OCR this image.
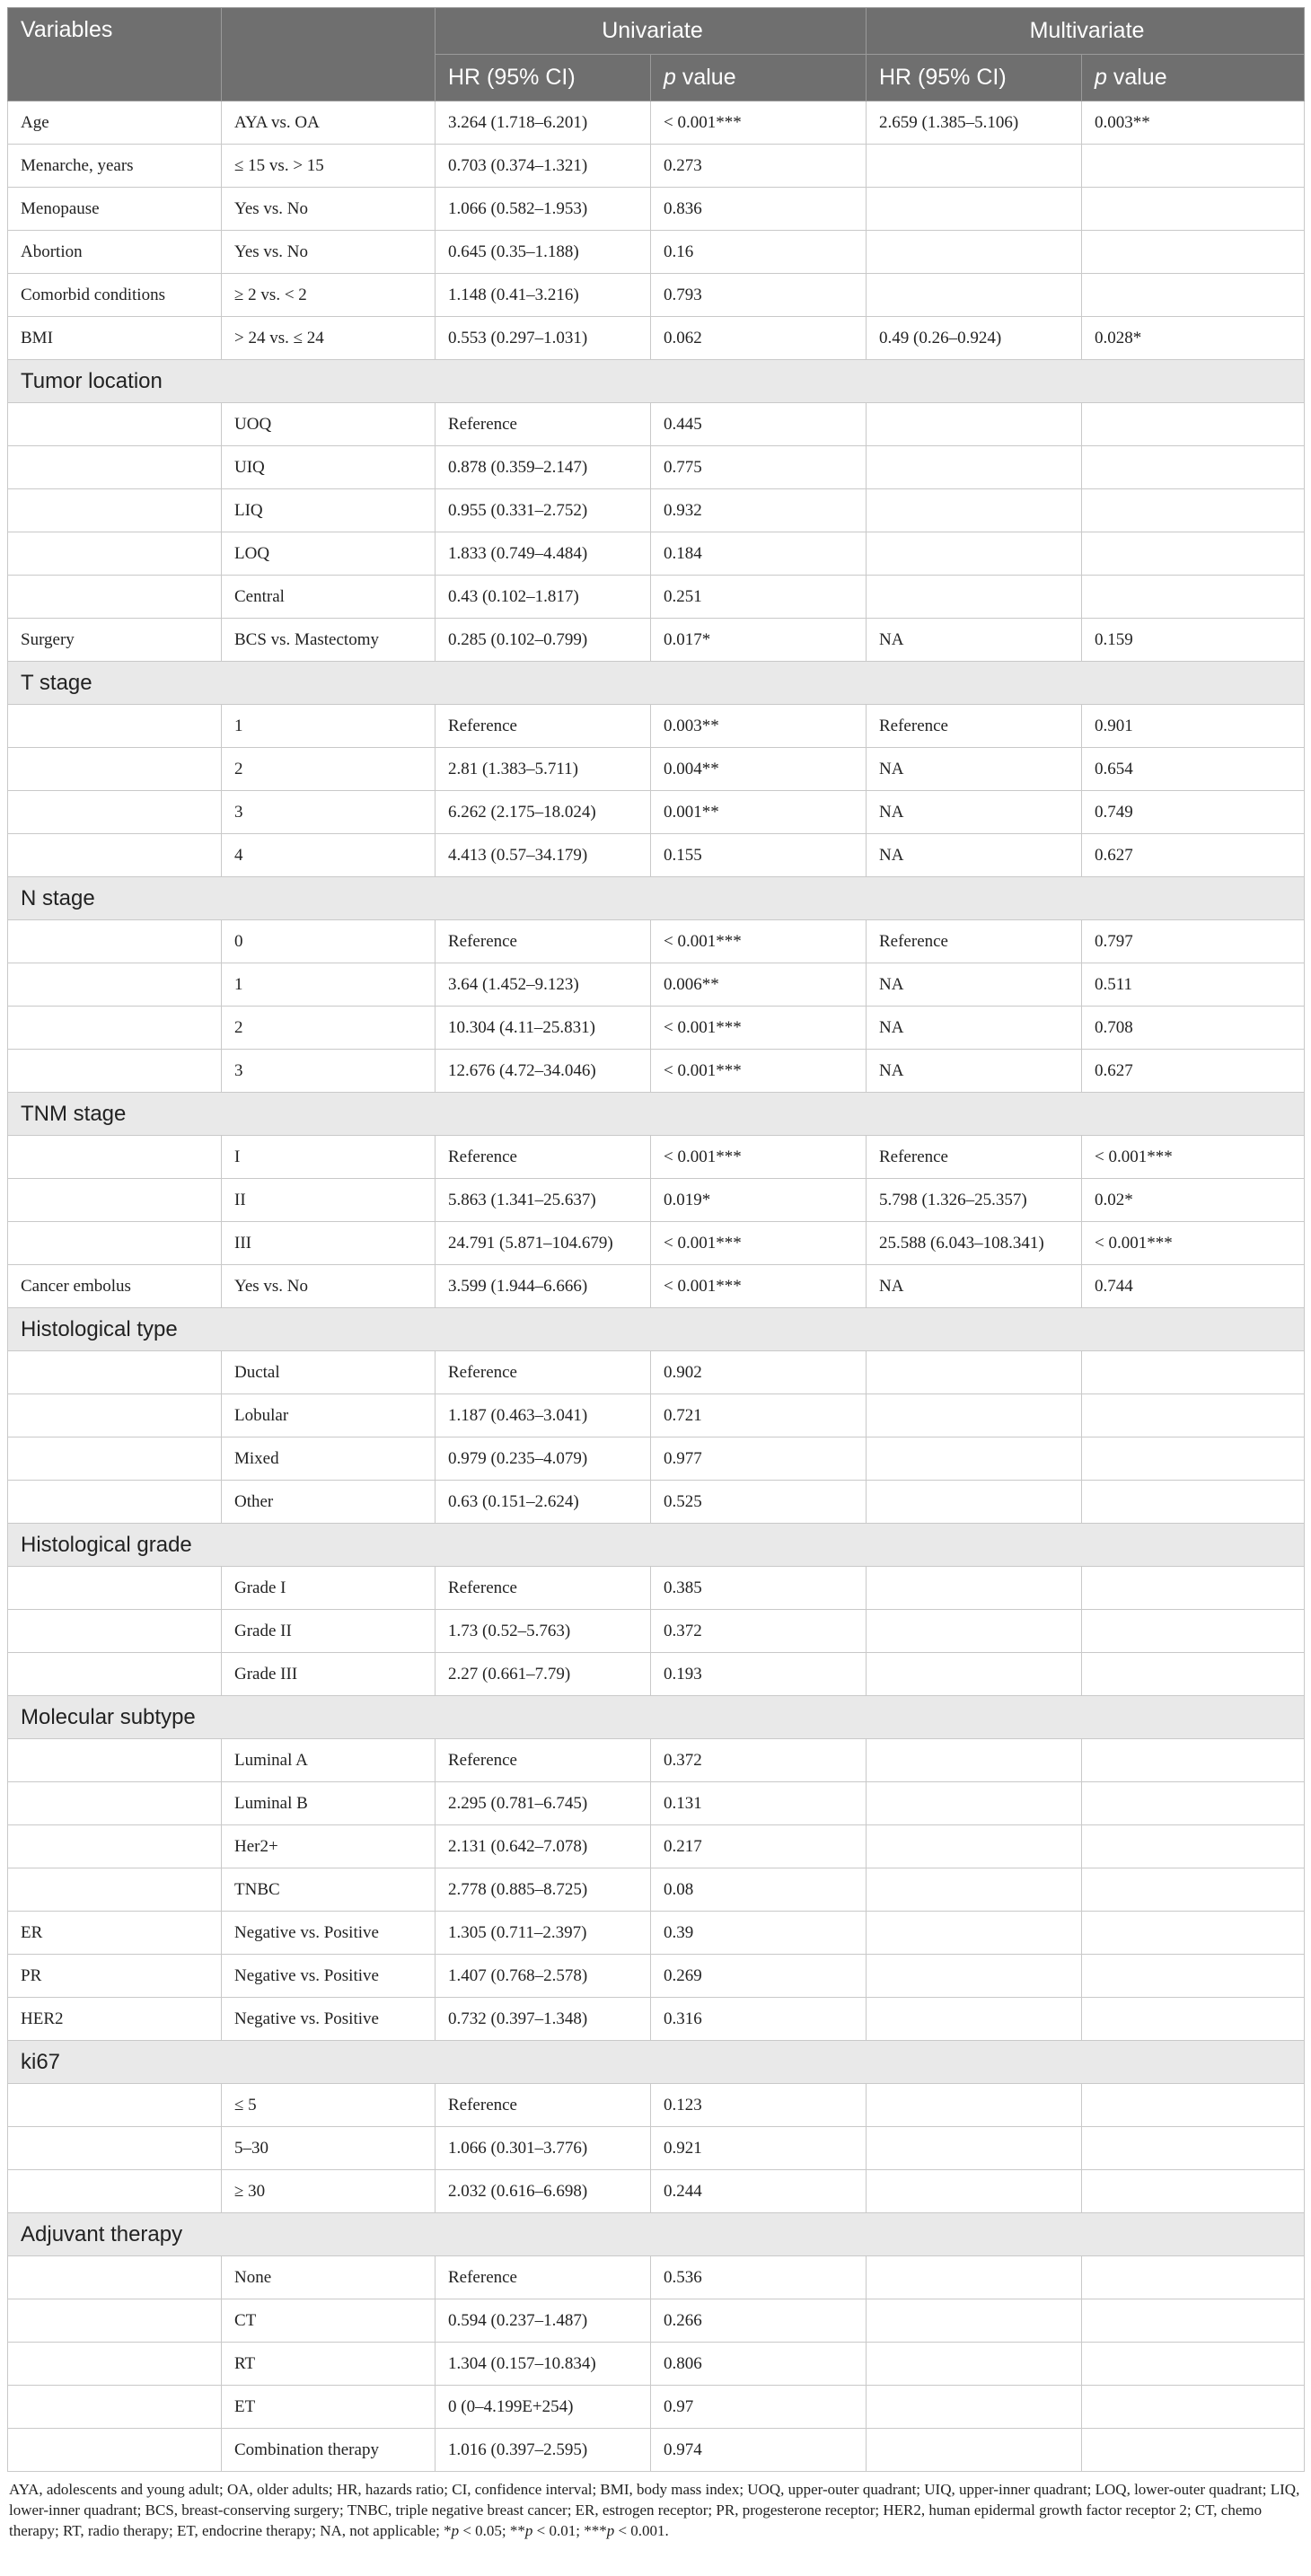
Variables		Univariate		Multivariate	
		HR (95% CI)	p value	HR (95% CI)	p value
Age	AYA vs. OA	3.264 (1.718–6.201)	< 0.001***	2.659 (1.385–5.106)	0.003**
Menarche, years	≤ 15 vs. > 15	0.703 (0.374–1.321)	0.273		
Menopause	Yes vs. No	1.066 (0.582–1.953)	0.836		
Abortion	Yes vs. No	0.645 (0.35–1.188)	0.16		
Comorbid conditions	≥ 2 vs. < 2	1.148 (0.41–3.216)	0.793		
BMI	> 24 vs. ≤ 24	0.553 (0.297–1.031)	0.062	0.49 (0.26–0.924)	0.028*
Tumor location					
	UOQ	Reference	0.445		
	UIQ	0.878 (0.359–2.147)	0.775		
	LIQ	0.955 (0.331–2.752)	0.932		
	LOQ	1.833 (0.749–4.484)	0.184		
	Central	0.43 (0.102–1.817)	0.251		
Surgery	BCS vs. Mastectomy	0.285 (0.102–0.799)	0.017*	NA	0.159
T stage					
	1	Reference	0.003**	Reference	0.901
	2	2.81 (1.383–5.711)	0.004**	NA	0.654
	3	6.262 (2.175–18.024)	0.001**	NA	0.749
	4	4.413 (0.57–34.179)	0.155	NA	0.627
N stage					
	0	Reference	< 0.001***	Reference	0.797
	1	3.64 (1.452–9.123)	0.006**	NA	0.511
	2	10.304 (4.11–25.831)	< 0.001***	NA	0.708
	3	12.676 (4.72–34.046)	< 0.001***	NA	0.627
TNM stage					
	I	Reference	< 0.001***	Reference	< 0.001***
	II	5.863 (1.341–25.637)	0.019*	5.798 (1.326–25.357)	0.02*
	III	24.791 (5.871–104.679)	< 0.001***	25.588 (6.043–108.341)	< 0.001***
Cancer embolus	Yes vs. No	3.599 (1.944–6.666)	< 0.001***	NA	0.744
Histological type					
	Ductal	Reference	0.902		
	Lobular	1.187 (0.463–3.041)	0.721		
	Mixed	0.979 (0.235–4.079)	0.977		
	Other	0.63 (0.151–2.624)	0.525		
Histological grade					
	Grade I	Reference	0.385		
	Grade II	1.73 (0.52–5.763)	0.372		
	Grade III	2.27 (0.661–7.79)	0.193		
Molecular subtype					
	Luminal A	Reference	0.372		
	Luminal B	2.295 (0.781–6.745)	0.131		
	Her2+	2.131 (0.642–7.078)	0.217		
	TNBC	2.778 (0.885–8.725)	0.08		
ER	Negative vs. Positive	1.305 (0.711–2.397)	0.39		
PR	Negative vs. Positive	1.407 (0.768–2.578)	0.269		
HER2	Negative vs. Positive	0.732 (0.397–1.348)	0.316		
ki67					
	≤ 5	Reference	0.123		
	5–30	1.066 (0.301–3.776)	0.921		
	≥ 30	2.032 (0.616–6.698)	0.244		
Adjuvant therapy					
	None	Reference	0.536		
	CT	0.594 (0.237–1.487)	0.266		
	RT	1.304 (0.157–10.834)	0.806		
	ET	0 (0–4.199E+254)	0.97		
	Combination therapy	1.016 (0.397–2.595)	0.974		
AYA, adolescents and young adult; OA, older adults; HR, hazards ratio; CI, confidence interval; BMI, body mass index; UOQ, upper-outer quadrant; UIQ, upper-inner quadrant; LOQ, lower-outer quadrant; LIQ, lower-inner quadrant; BCS, breast-conserving surgery; TNBC, triple negative breast cancer; ER, estrogen receptor; PR, progesterone receptor; HER2, human epidermal growth factor receptor 2; CT, chemo therapy; RT, radio therapy; ET, endocrine therapy; NA, not applicable; *p < 0.05; **p < 0.01; ***p < 0.001.
